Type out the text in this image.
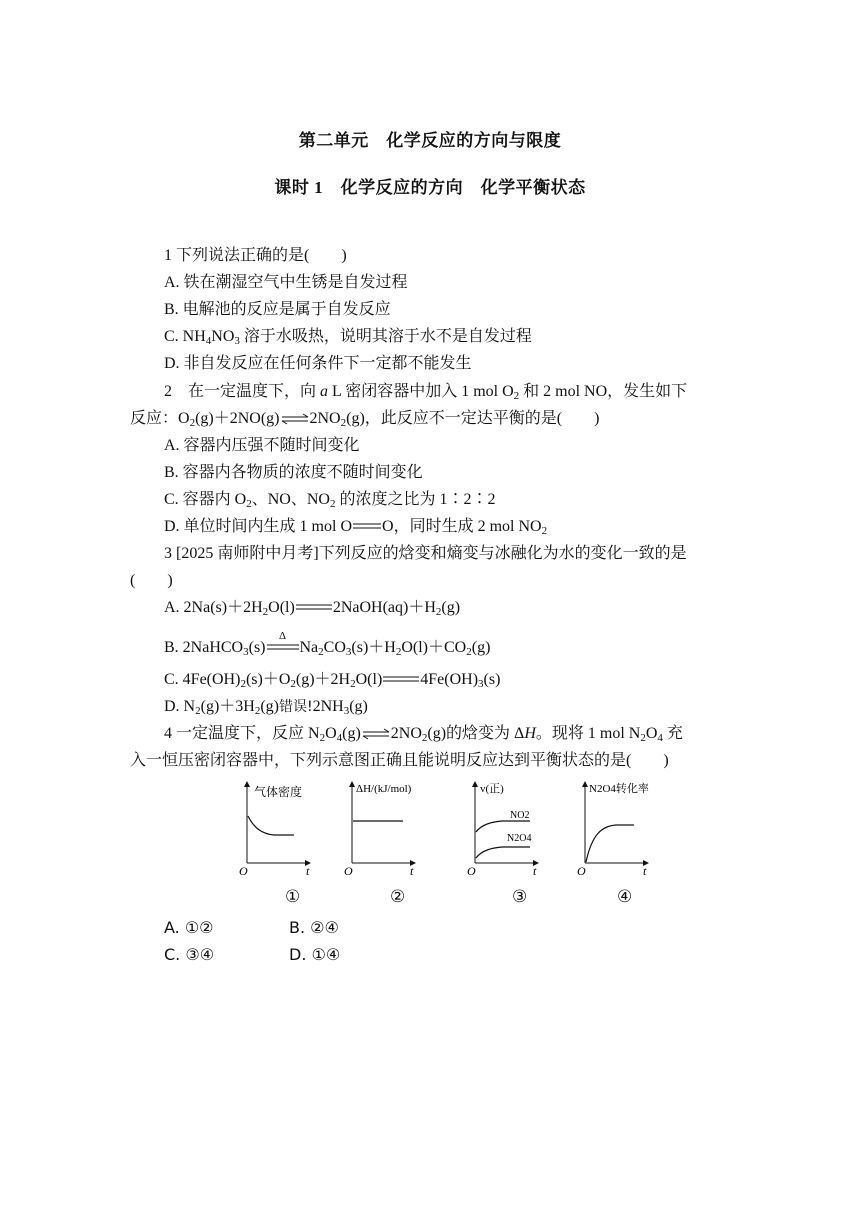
第二单元　化学反应的方向与限度
课时 1　化学反应的方向　化学平衡状态
1 下列说法正确的是(　　)
A. 铁在潮湿空气中生锈是自发过程
B. 电解池的反应是属于自发反应
C. $NH_4NO_3$ 溶于水吸热，说明其溶于水不是自发过程
D. 非自发反应在任何条件下一定都不能发生
2　在一定温度下，向 a L 密闭容器中加入 1 mol $O_2$ 和 2 mol NO，发生如下
反应：$O_2(g)+2NO(g)\rightleftharpoons 2NO_2(g)$，此反应不一定达平衡的是(　　)
A. 容器内压强不随时间变化
B. 容器内各物质的浓度不随时间变化
C. 容器内 $O_2$、NO、$NO_2$ 的浓度之比为 1∶2∶2
D. 单位时间内生成 1 mol O O，同时生成 2 mol $NO_2$
3 [2025 南师附中月考]下列反应的焓变和熵变与冰融化为水的变化一致的是
(　　)
A. $2Na(s)+2H_2O(l)$ $2NaOH(aq)+H_2(g)$
B. 2NaHCO$_3$(s)
Δ
$Na_2CO_3(s)+H_2O(l)+CO_2(g)$
C. $4Fe(OH)_2(s)+O_2(g)+2H_2O(l)$ $4Fe(OH)_3(s)$
D. $N_2(g)+3H_2(g)$错误$!2NH_3(g)$
4 一定温度下，反应 $N_2O_4(g)\rightleftharpoons 2NO_2(g)$的焓变为 ΔH。现将 1 mol $N_2O_4$ 充
入一恒压密闭容器中，下列示意图正确且能说明反应达到平衡状态的是(　　)
气体密度
O	t
ΔH/(kJ/mol)
O	t
v(正)
NO2
N2O4
O	t
N2O4转化率
O	t
①	②	③	④
A. ①②	B. ②④
C. ③④	D. ①④
